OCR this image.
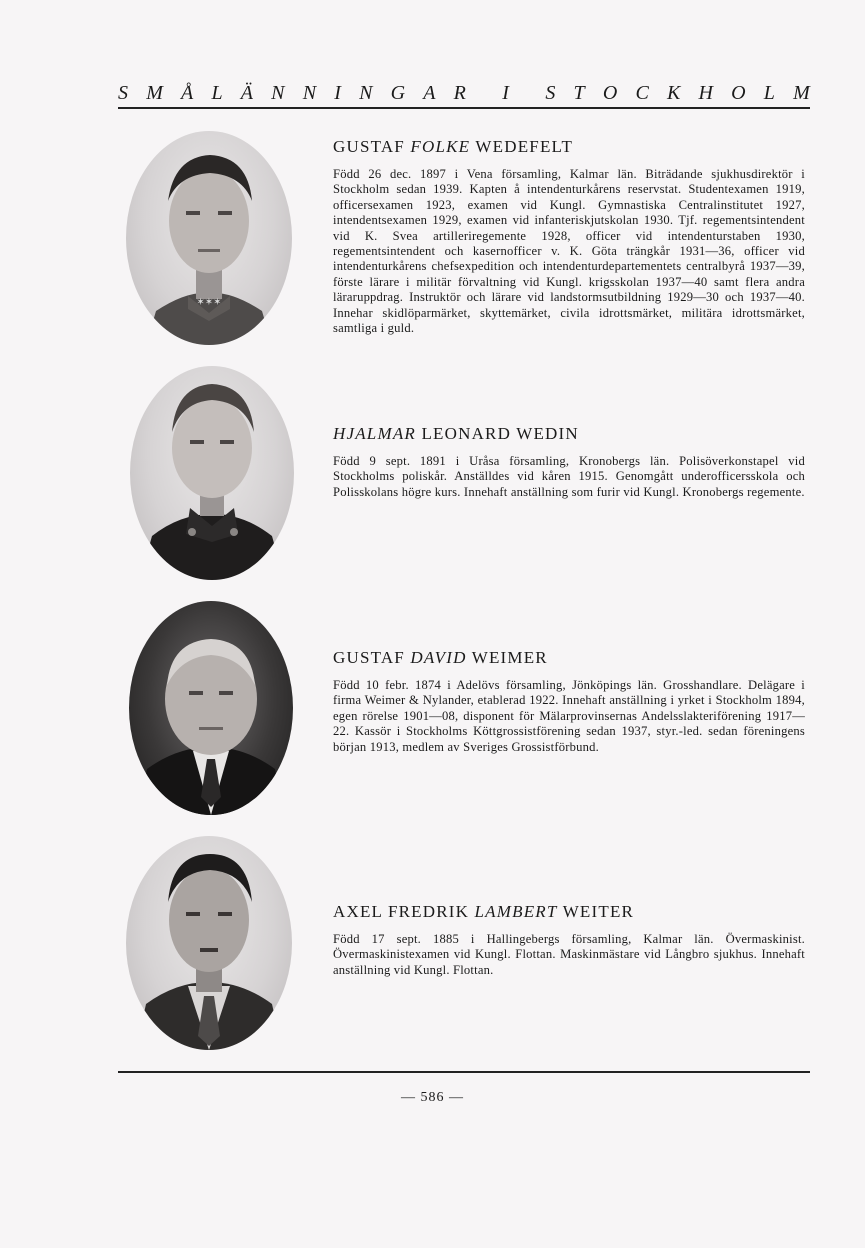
S M Å L Ä N N I N G A R I S T O C K H O L M
✶✶✶
GUSTAF FOLKE WEDEFELT

Född 26 dec. 1897 i Vena församling, Kalmar län. Biträdande sjukhusdirektör i Stockholm sedan 1939. Kapten å intendenturkårens reservstat. Studentexamen 1919, officersexamen 1923, examen vid Kungl. Gymnastiska Centralinstitutet 1927, intendentsexamen 1929, examen vid infanteriskjutskolan 1930. Tjf. regementsintendent vid K. Svea artilleriregemente 1928, officer vid intendenturstaben 1930, regementsintendent och kasernofficer v. K. Göta trängkår 1931—36, officer vid intendenturkårens chefsexpedition och intendenturdepartementets centralbyrå 1937—39, förste lärare i militär förvaltning vid Kungl. krigsskolan 1937—40 samt flera andra läraruppdrag. Instruktör och lärare vid landstormsutbildning 1929—30 och 1937—40. Innehar skidlöparmärket, skyttemärket, civila idrottsmärket, militära idrottsmärket, samtliga i guld.

HJALMAR LEONARD WEDIN

Född 9 sept. 1891 i Uråsa församling, Kronobergs län. Polisöverkonstapel vid Stockholms poliskår. Anställdes vid kåren 1915. Genomgått underofficersskola och Polisskolans högre kurs. Innehaft anställning som furir vid Kungl. Kronobergs regemente.

GUSTAF DAVID WEIMER

Född 10 febr. 1874 i Adelövs församling, Jönköpings län. Grosshandlare. Delägare i firma Weimer & Nylander, etablerad 1922. Innehaft anställning i yrket i Stockholm 1894, egen rörelse 1901—08, disponent för Mälarprovinsernas Andelsslakteriförening 1917—22. Kassör i Stockholms Köttgrossistförening sedan 1937, styr.-led. sedan föreningens början 1913, medlem av Sveriges Grossistförbund.

AXEL FREDRIK LAMBERT WEITER

Född 17 sept. 1885 i Hallingebergs församling, Kalmar län. Övermaskinist. Övermaskinistexamen vid Kungl. Flottan. Maskinmästare vid Långbro sjukhus. Innehaft anställning vid Kungl. Flottan.

— 586 —
